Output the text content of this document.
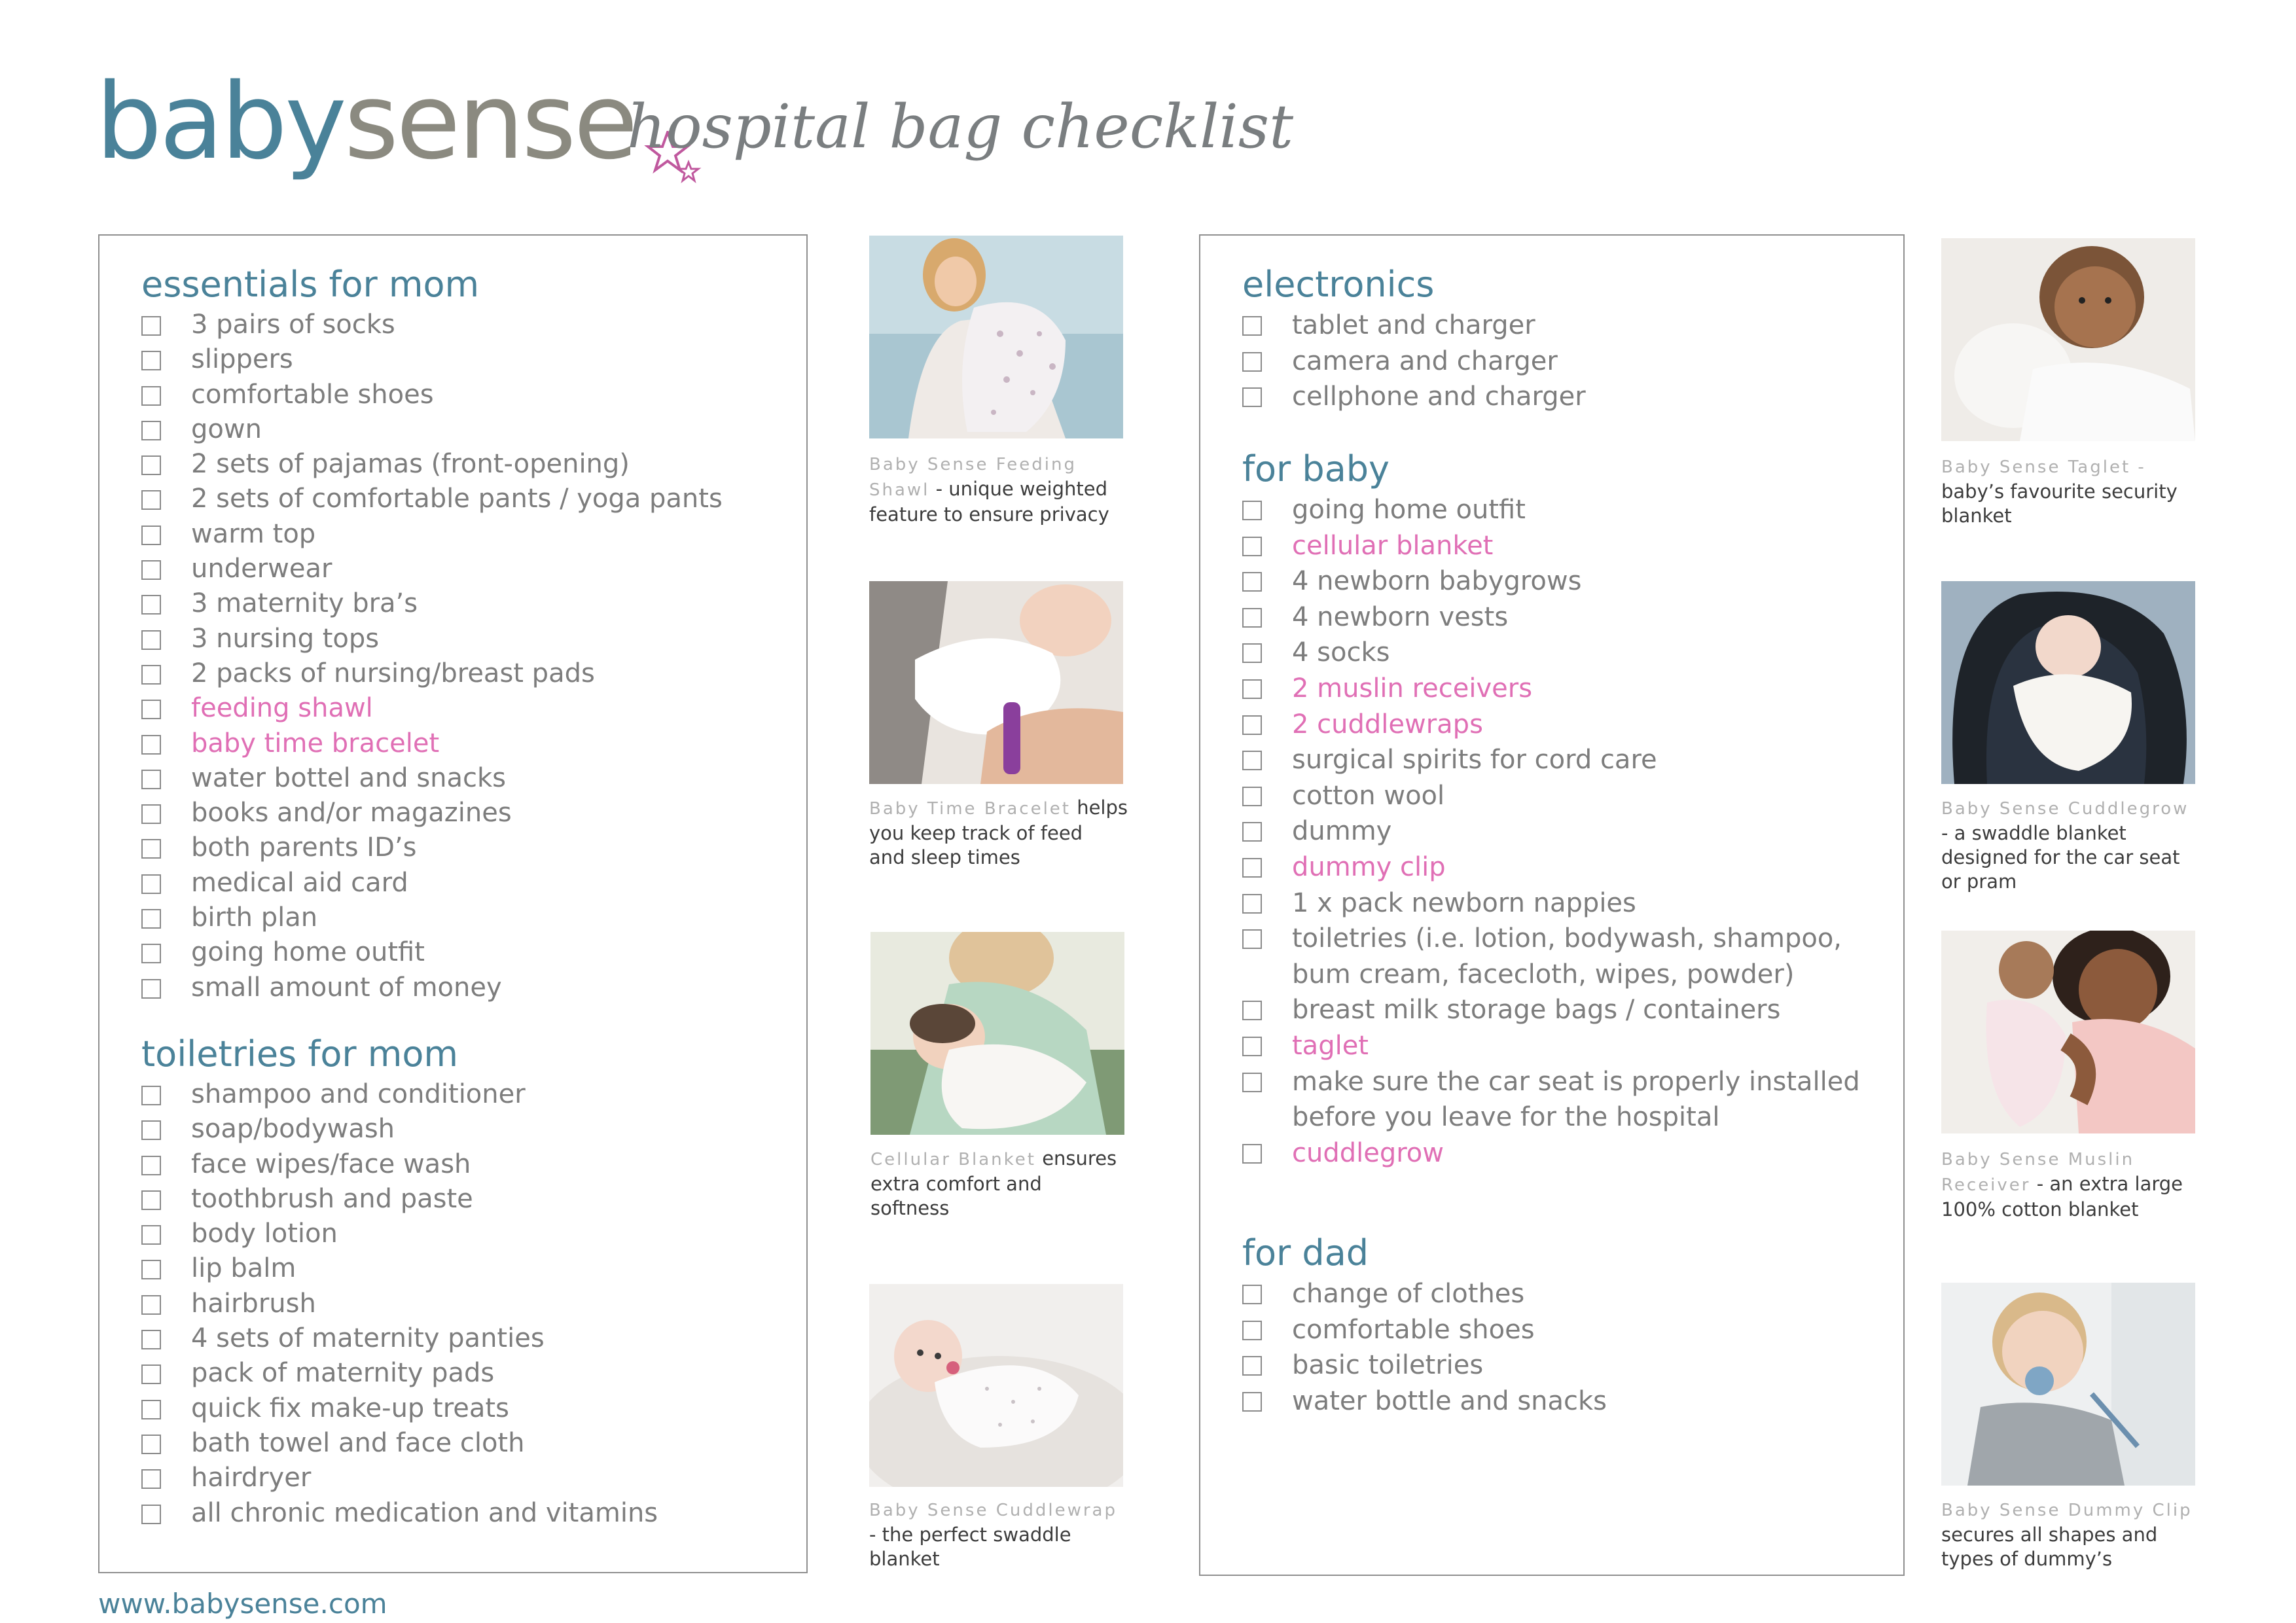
babysense
hospital bag checklist
essentials for mom
3 pairs of socks
slippers
comfortable shoes
gown
2 sets of pajamas (front-opening)
2 sets of comfortable pants / yoga pants
warm top
underwear
3 maternity bra’s
3 nursing tops
2 packs of nursing/breast pads
feeding shawl
baby time bracelet
water bottel and snacks
books and/or magazines
both parents ID’s
medical aid card
birth plan
going home outfit
small amount of money
toiletries for mom
shampoo and conditioner
soap/bodywash
face wipes/face wash
toothbrush and paste
body lotion
lip balm
hairbrush
4 sets of maternity panties
pack of maternity pads
quick fix make-up treats
bath towel and face cloth
hairdryer
all chronic medication and vitamins
electronics
tablet and charger
camera and charger
cellphone and charger
for baby
going home outfit
cellular blanket
4 newborn babygrows
4 newborn vests
4 socks
2 muslin receivers
2 cuddlewraps
surgical spirits for cord care
cotton wool
dummy
dummy clip
1 x pack newborn nappies
toiletries (i.e. lotion, bodywash, shampoo,
bum cream, facecloth, wipes, powder)
breast milk storage bags / containers
taglet
make sure the car seat is properly installed
before you leave for the hospital
cuddlegrow
for dad
change of clothes
comfortable shoes
basic toiletries
water bottle and snacks
Baby Sense Feeding
Shawl - unique weighted
feature to ensure privacy
Baby Time Bracelet helps
you keep track of feed
and sleep times
Cellular Blanket ensures
extra comfort and
softness
Baby Sense Cuddlewrap
- the perfect swaddle
blanket
Baby Sense Taglet -
baby’s favourite security
blanket
Baby Sense Cuddlegrow
- a swaddle blanket
designed for the car seat
or pram
Baby Sense Muslin
Receiver - an extra large
100% cotton blanket
Baby Sense Dummy Clip
secures all shapes and
types of dummy’s
www.babysense.com
